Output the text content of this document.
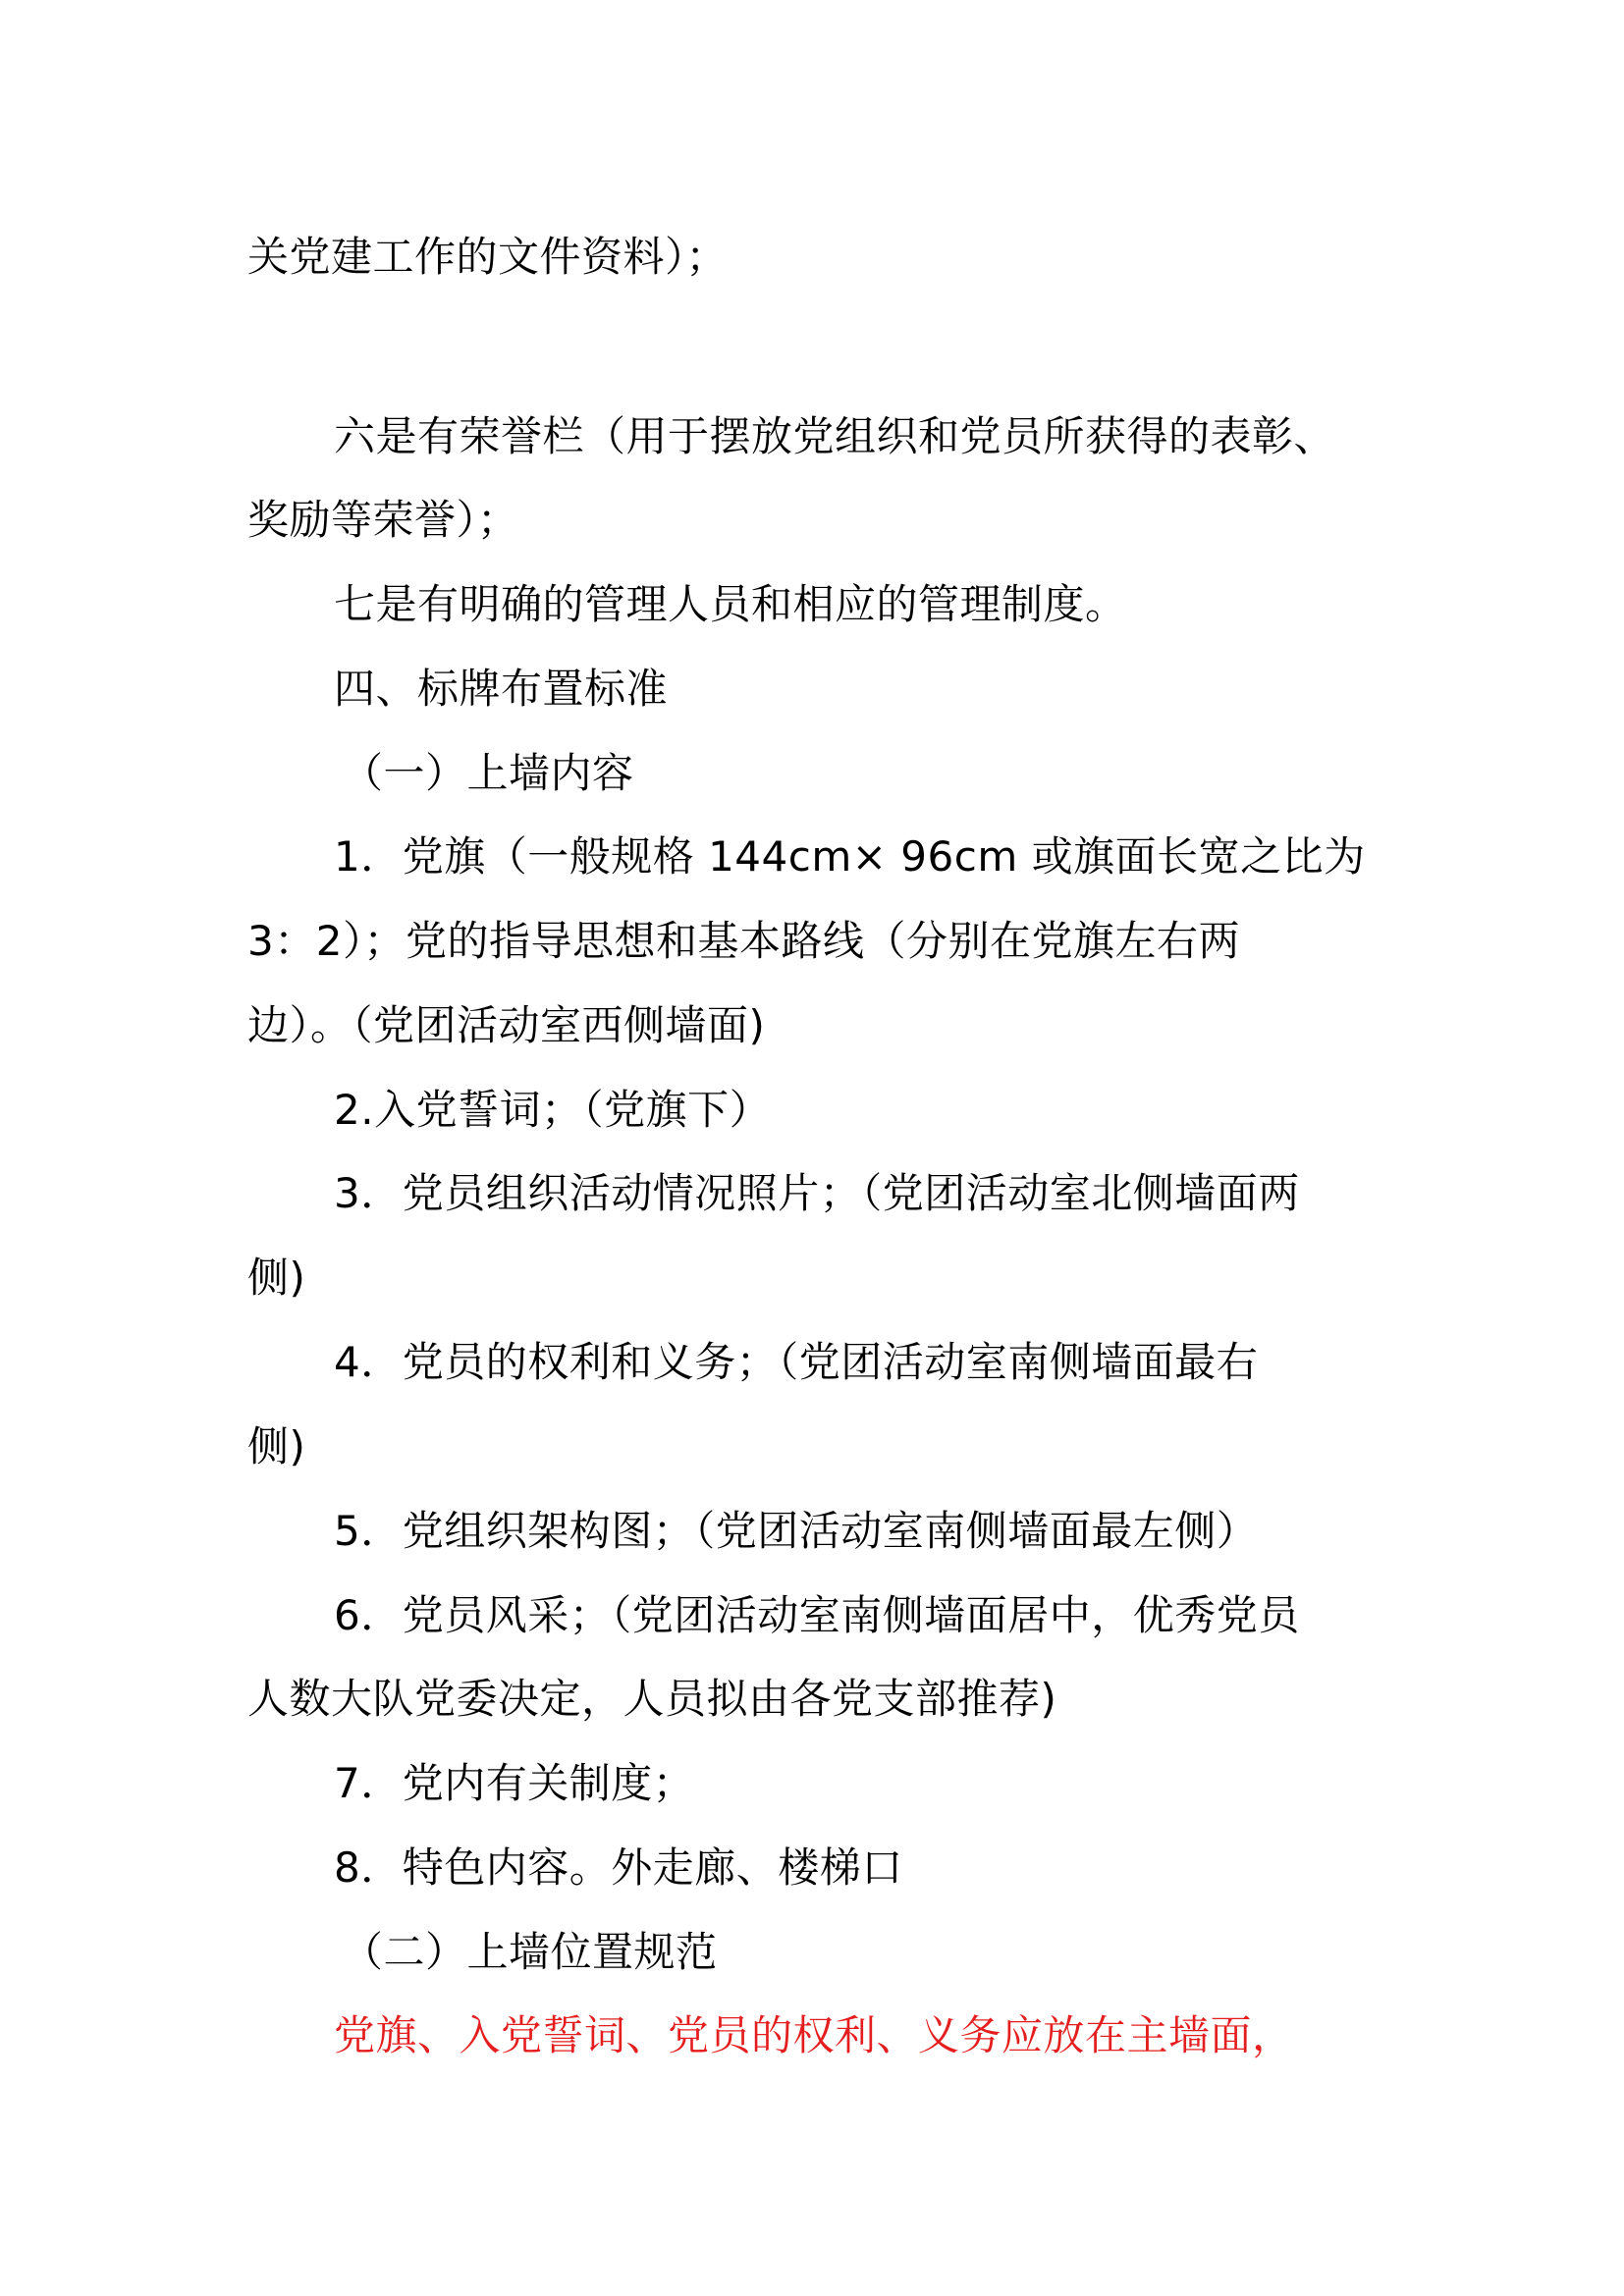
关党建工作的文件资料）；
六是有荣誉栏（用于摆放党组织和党员所获得的表彰、
奖励等荣誉）；
七是有明确的管理人员和相应的管理制度。
四、标牌布置标准
（一）上墙内容
1．党旗（一般规格 144cm× 96cm 或旗面长宽之比为
3：2）；党的指导思想和基本路线（分别在党旗左右两
边）。（党团活动室西侧墙面)
2.入党誓词；（党旗下）
3．党员组织活动情况照片；（党团活动室北侧墙面两
侧)
4．党员的权利和义务；（党团活动室南侧墙面最右
侧)
5．党组织架构图；（党团活动室南侧墙面最左侧）
6．党员风采；（党团活动室南侧墙面居中，优秀党员
人数大队党委决定，人员拟由各党支部推荐)
7．党内有关制度；
8．特色内容。外走廊、楼梯口
（二）上墙位置规范
党旗、入党誓词、党员的权利、义务应放在主墙面，
